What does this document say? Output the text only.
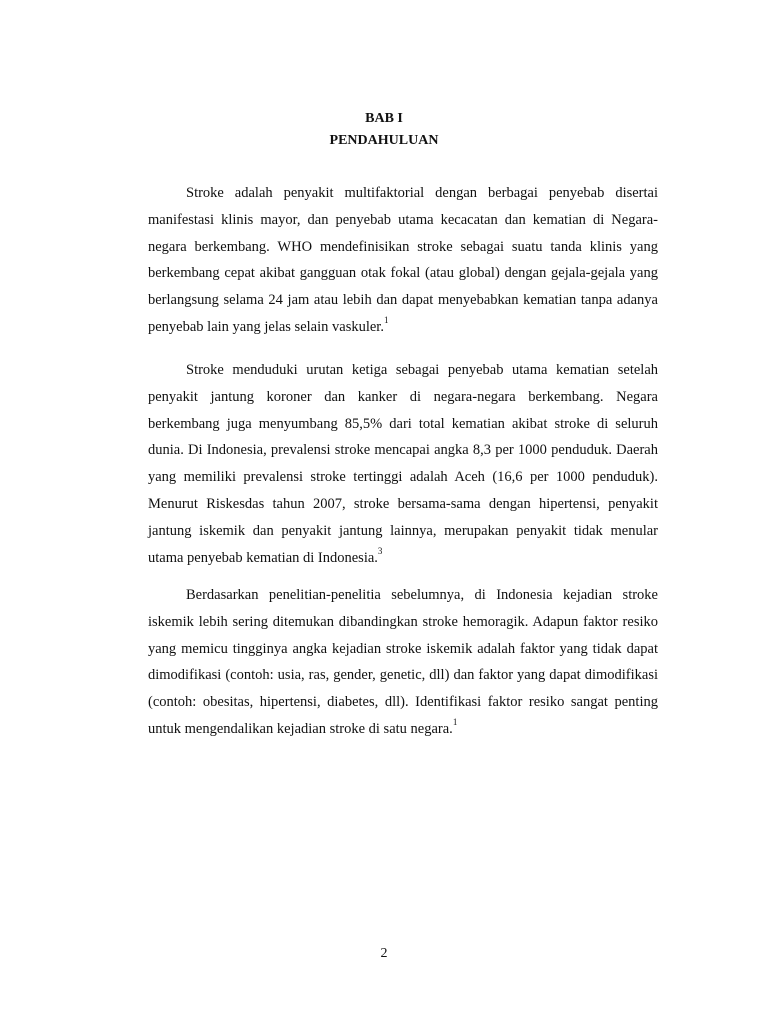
BAB I
PENDAHULUAN

Stroke adalah penyakit multifaktorial dengan berbagai penyebab disertai manifestasi klinis mayor, dan penyebab utama kecacatan dan kematian di Negara-negara berkembang. WHO mendefinisikan stroke sebagai suatu tanda klinis yang berkembang cepat akibat gangguan otak fokal (atau global) dengan gejala-gejala yang berlangsung selama 24 jam atau lebih dan dapat menyebabkan kematian tanpa adanya penyebab lain yang jelas selain vaskuler.$^1$

Stroke menduduki urutan ketiga sebagai penyebab utama kematian setelah penyakit jantung koroner dan kanker di negara-negara berkembang. Negara berkembang juga menyumbang 85,5% dari total kematian akibat stroke di seluruh dunia. Di Indonesia, prevalensi stroke mencapai angka 8,3 per 1000 penduduk. Daerah yang memiliki prevalensi stroke tertinggi adalah Aceh (16,6 per 1000 penduduk). Menurut Riskesdas tahun 2007, stroke bersama-sama dengan hipertensi, penyakit jantung iskemik dan penyakit jantung lainnya, merupakan penyakit tidak menular utama penyebab kematian di Indonesia.$^3$

Berdasarkan penelitian-penelitia sebelumnya, di Indonesia kejadian stroke iskemik lebih sering ditemukan dibandingkan stroke hemoragik. Adapun faktor resiko yang memicu tingginya angka kejadian stroke iskemik adalah faktor yang tidak dapat dimodifikasi (contoh: usia, ras, gender, genetic, dll) dan faktor yang dapat dimodifikasi (contoh: obesitas, hipertensi, diabetes, dll). Identifikasi faktor resiko sangat penting untuk mengendalikan kejadian stroke di satu negara.$^1$

2
